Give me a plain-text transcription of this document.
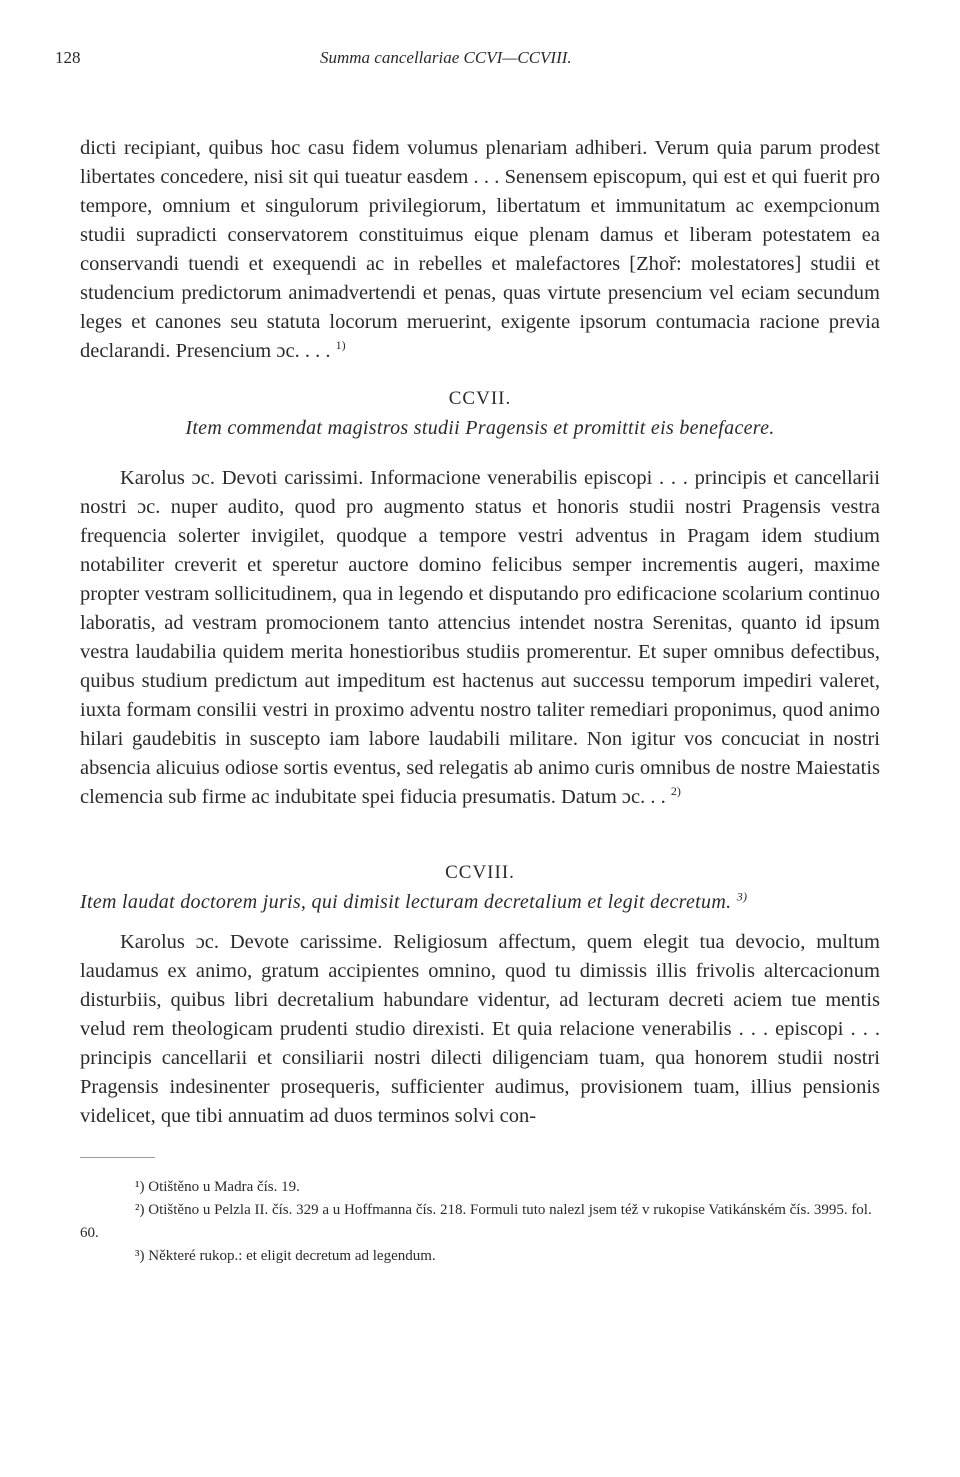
128	Summa cancellariae CCVI—CCVIII.

dicti recipiant, quibus hoc casu fidem volumus plenariam adhiberi. Verum quia parum prodest libertates concedere, nisi sit qui tueatur easdem . . . Senensem episcopum, qui est et qui fuerit pro tempore, omnium et singulorum privilegiorum, libertatum et immunitatum ac exempcionum studii supradicti conservatorem constituimus eique plenam damus et liberam potestatem ea conservandi tuendi et exequendi ac in rebelles et malefactores [Zhoř: molestatores] studii et studencium predictorum animadvertendi et penas, quas virtute presencium vel eciam secundum leges et canones seu statuta locorum meruerint, exigente ipsorum contumacia racione previa declarandi. Presencium ɔc. . . . $^{1)}$

CCVII.
Item commendat magistros studii Pragensis et promittit eis benefacere.

Karolus ɔc. Devoti carissimi. Informacione venerabilis episcopi . . . principis et cancellarii nostri ɔc. nuper audito, quod pro augmento status et honoris studii nostri Pragensis vestra frequencia solerter invigilet, quodque a tempore vestri adventus in Pragam idem studium notabiliter creverit et speretur auctore domino felicibus semper incrementis augeri, maxime propter vestram sollicitudinem, qua in legendo et disputando pro edificacione scolarium continuo laboratis, ad vestram promocionem tanto attencius intendet nostra Serenitas, quanto id ipsum vestra laudabilia quidem merita honestioribus studiis promerentur. Et super omnibus defectibus, quibus studium predictum aut impeditum est hactenus aut successu temporum impediri valeret, iuxta formam consilii vestri in proximo adventu nostro taliter remediari proponimus, quod animo hilari gaudebitis in suscepto iam labore laudabili militare. Non igitur vos concuciat in nostri absencia alicuius odiose sortis eventus, sed relegatis ab animo curis omnibus de nostre Maiestatis clemencia sub firme ac indubitate spei fiducia presumatis. Datum ɔc. . . $^{2)}$

CCVIII.
Item laudat doctorem juris, qui dimisit lecturam decretalium et legit decretum. $^{3)}$

Karolus ɔc. Devote carissime. Religiosum affectum, quem elegit tua devocio, multum laudamus ex animo, gratum accipientes omnino, quod tu dimissis illis frivolis altercacionum disturbiis, quibus libri decretalium habundare videntur, ad lecturam decreti aciem tue mentis velud rem theologicam prudenti studio direxisti. Et quia relacione venerabilis . . . episcopi . . . principis cancellarii et consiliarii nostri dilecti diligenciam tuam, qua honorem studii nostri Pragensis indesinenter prosequeris, sufficienter audimus, provisionem tuam, illius pensionis videlicet, que tibi annuatim ad duos terminos solvi con-

¹) Otištěno u Madra čís. 19.

²) Otištěno u Pelzla II. čís. 329 a u Hoffmanna čís. 218. Formuli tuto nalezl jsem též v rukopise Vatikánském čís. 3995. fol. 60.

³) Některé rukop.: et eligit decretum ad legendum.
